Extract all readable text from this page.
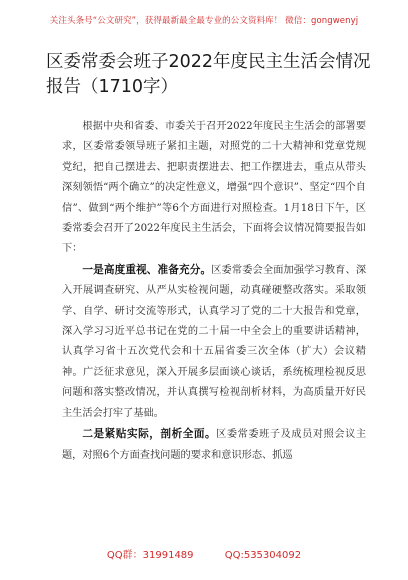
关注头条号“公文研究”，获得最新最全最专业的公文资料库！ 微信：gongwenyj
区委常委会班子2022年度民主生活会情况报告（1710字）

根据中央和省委、市委关于召开2022年度民主生活会的部署要求，区委常委领导班子紧扣主题，对照党的二十大精神和党章党规党纪，把自己摆进去、把职责摆进去、把工作摆进去，重点从带头深刻领悟“两个确立”的决定性意义，增强“四个意识”、坚定“四个自信”、做到“两个维护”等6个方面进行对照检查。1月18日下午，区委常委会召开了2022年度民主生活会，下面将会议情况简要报告如下：

一是高度重视、准备充分。区委常委会全面加强学习教育、深入开展调查研究、从严从实检视问题，动真碰硬整改落实。采取领学、自学、研讨交流等形式，认真学习了党的二十大报告和党章，深入学习习近平总书记在党的二十届一中全会上的重要讲话精神，认真学习省十五次党代会和十五届省委三次全体（扩大）会议精神。广泛征求意见，深入开展多层面谈心谈话，系统梳理检视反思问题和落实整改情况，并认真撰写检视剖析材料，为高质量开好民主生活会打牢了基础。

二是紧贴实际，剖析全面。区委常委班子及成员对照会议主题，对照6个方面查找问题的要求和意识形态、抓巡

QQ群：31991489	QQ:535304092
